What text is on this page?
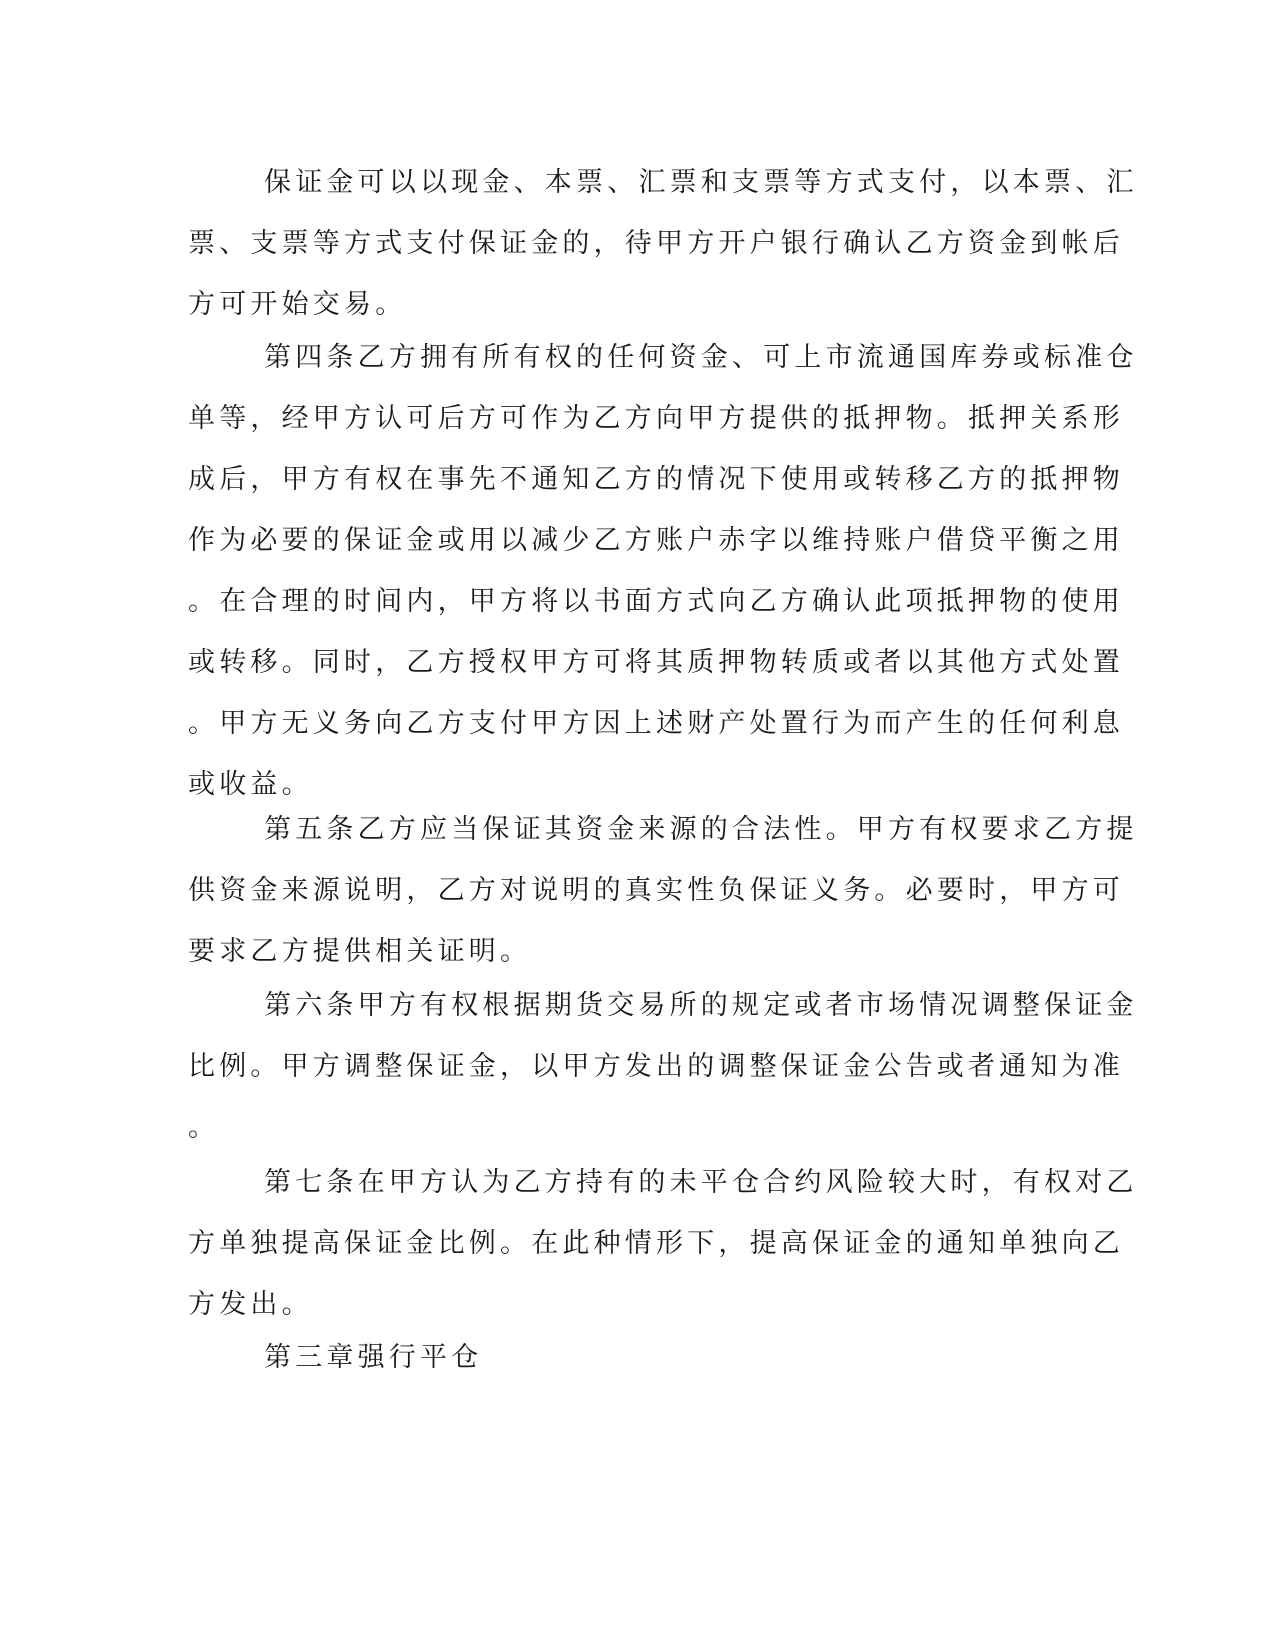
保证金可以以现金、本票、汇票和支票等方式支付，以本票、汇
票、支票等方式支付保证金的，待甲方开户银行确认乙方资金到帐后
方可开始交易。
第四条乙方拥有所有权的任何资金、可上市流通国库券或标准仓
单等，经甲方认可后方可作为乙方向甲方提供的抵押物。抵押关系形
成后，甲方有权在事先不通知乙方的情况下使用或转移乙方的抵押物
作为必要的保证金或用以减少乙方账户赤字以维持账户借贷平衡之用
。在合理的时间内，甲方将以书面方式向乙方确认此项抵押物的使用
或转移。同时，乙方授权甲方可将其质押物转质或者以其他方式处置
。甲方无义务向乙方支付甲方因上述财产处置行为而产生的任何利息
或收益。
第五条乙方应当保证其资金来源的合法性。甲方有权要求乙方提
供资金来源说明，乙方对说明的真实性负保证义务。必要时，甲方可
要求乙方提供相关证明。
第六条甲方有权根据期货交易所的规定或者市场情况调整保证金
比例。甲方调整保证金，以甲方发出的调整保证金公告或者通知为准
。
第七条在甲方认为乙方持有的未平仓合约风险较大时，有权对乙
方单独提高保证金比例。在此种情形下，提高保证金的通知单独向乙
方发出。
第三章强行平仓
